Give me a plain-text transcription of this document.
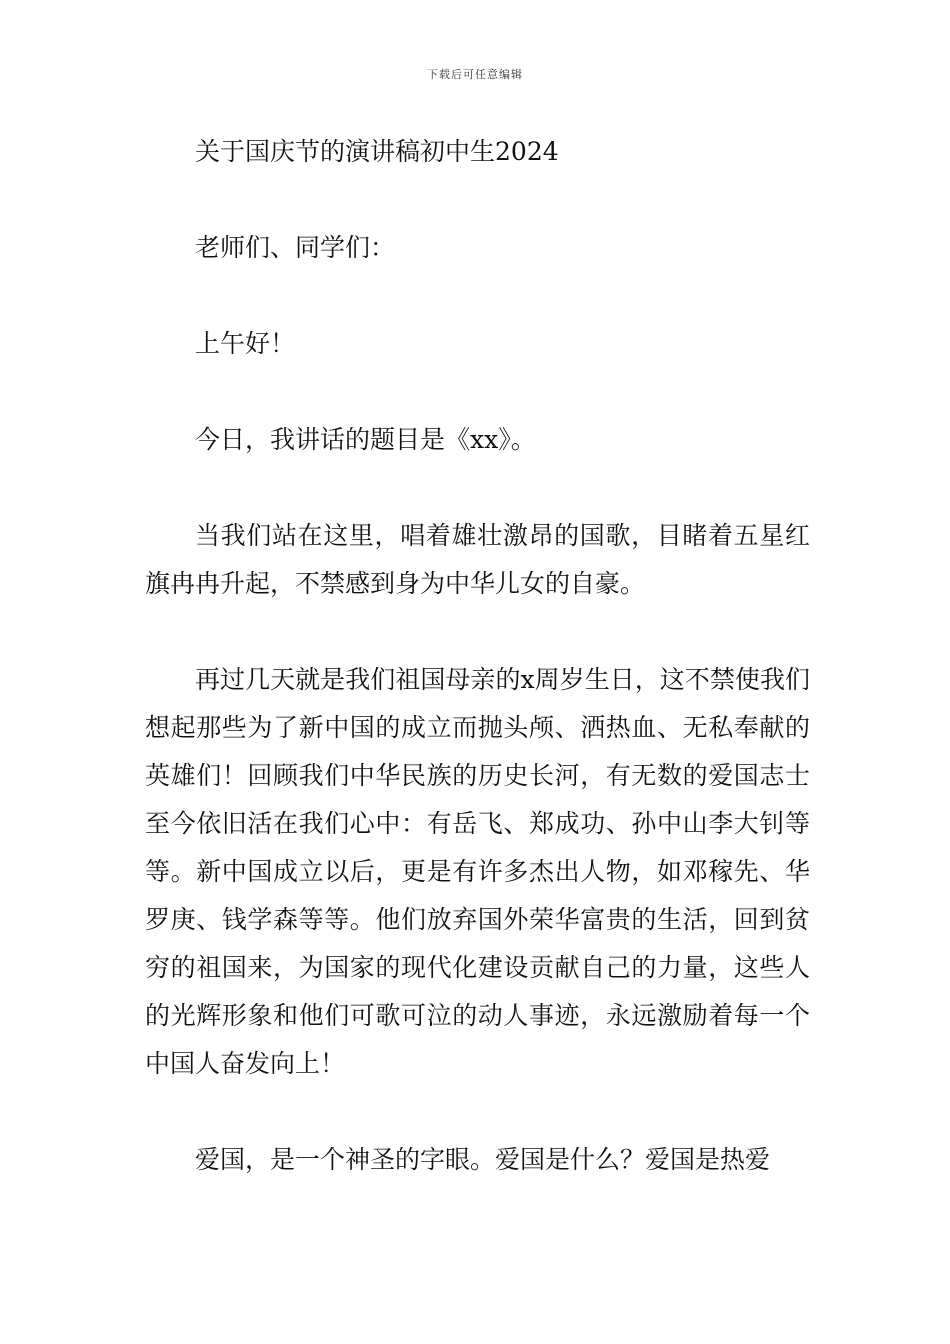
下载后可任意编辑

关于国庆节的演讲稿初中生2024

老师们、同学们：

上午好！

今日，我讲话的题目是《xx》。

当我们站在这里，唱着雄壮激昂的国歌，目睹着五星红旗冉冉升起，不禁感到身为中华儿女的自豪。

再过几天就是我们祖国母亲的x周岁生日，这不禁使我们想起那些为了新中国的成立而抛头颅、洒热血、无私奉献的英雄们！回顾我们中华民族的历史长河，有无数的爱国志士至今依旧活在我们心中：有岳飞、郑成功、孙中山李大钊等等。新中国成立以后，更是有许多杰出人物，如邓稼先、华罗庚、钱学森等等。他们放弃国外荣华富贵的生活，回到贫穷的祖国来，为国家的现代化建设贡献自己的力量，这些人的光辉形象和他们可歌可泣的动人事迹，永远激励着每一个中国人奋发向上！

爱国，是一个神圣的字眼。爱国是什么？爱国是热爱
